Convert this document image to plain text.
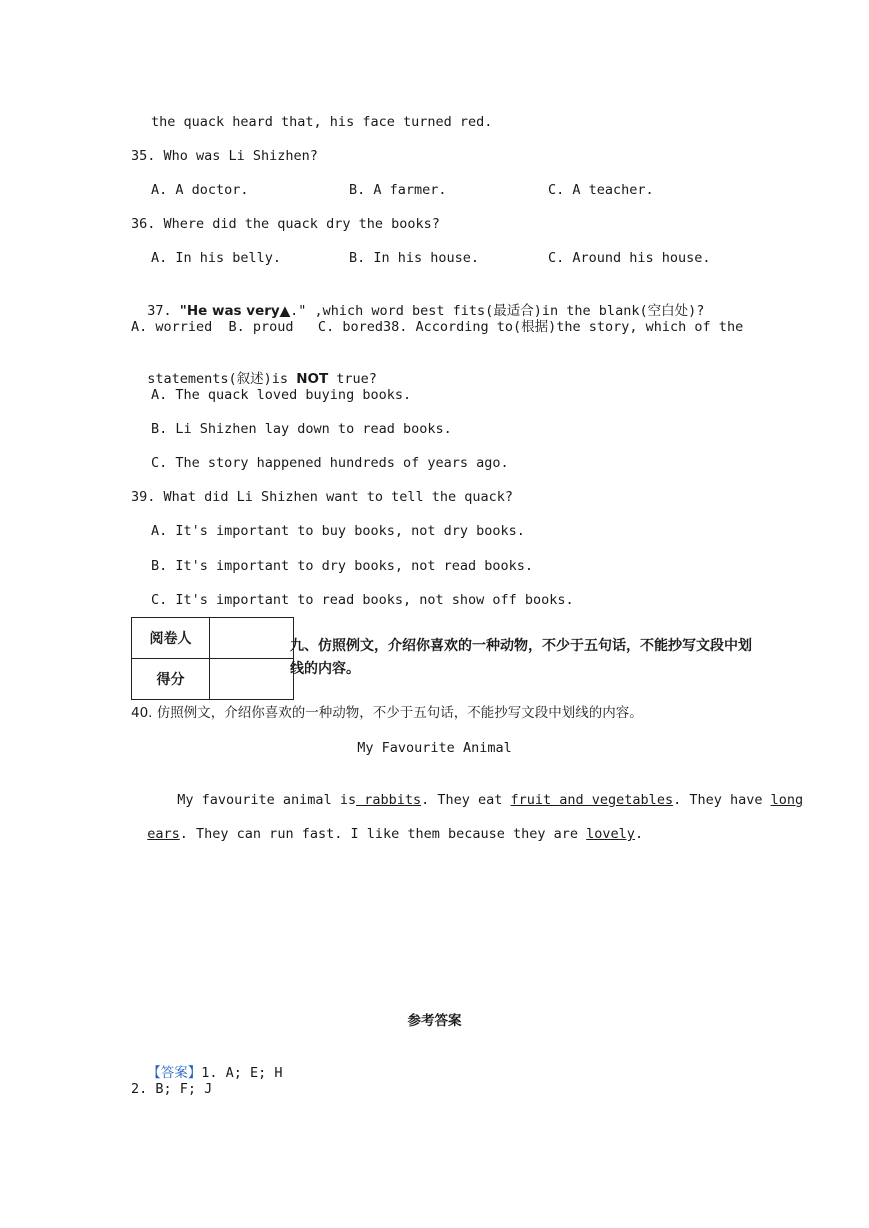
the quack heard that, his face turned red.
35. Who was Li Shizhen?
A. A doctor.	B. A farmer.	C. A teacher.
36. Where did the quack dry the books?
A. In his belly.	B. In his house.	C. Around his house.

37. "He was very▲." ,which word best fits(最适合)in the blank(空白处)?

A. worried  B. proud   C. bored38. According to(根据)the story, which of the

statements(叙述)is NOT true?

A. The quack loved buying books.
B. Li Shizhen lay down to read books.
C. The story happened hundreds of years ago.
39. What did Li Shizhen want to tell the quack?
A. It's important to buy books, not dry books.
B. It's important to dry books, not read books.
C. It's important to read books, not show off books.
阅卷人	
得分	
九、仿照例文，介绍你喜欢的一种动物，不少于五句话，不能抄写文段中划线的内容。
40. 仿照例文，介绍你喜欢的一种动物，不少于五句话，不能抄写文段中划线的内容。
My Favourite Animal

My favourite animal is rabbits. They eat fruit and vegetables. They have long

ears. They can run fast. I like them because they are lovely.

参考答案

【答案】1. A; E; H

2. B; F; J
